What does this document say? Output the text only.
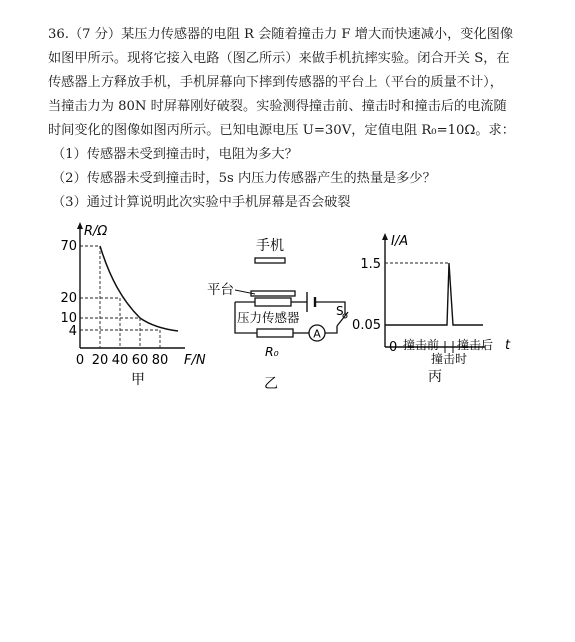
36.（7 分）某压力传感器的电阻 R 会随着撞击力 F 增大而快速减小，变化图像

如图甲所示。现将它接入电路（图乙所示）来做手机抗摔实验。闭合开关 S，在

传感器上方释放手机，手机屏幕向下摔到传感器的平台上（平台的质量不计），

当撞击力为 80N 时屏幕刚好破裂。实验测得撞击前、撞击时和撞击后的电流随

时间变化的图像如图丙所示。已知电源电压 U=30V，定值电阻 R₀=10Ω。求：

（1）传感器未受到撞击时，电阻为多大？

（2）传感器未受到撞击时，5s 内压力传感器产生的热量是多少？

（3）通过计算说明此次实验中手机屏幕是否会破裂

R/Ω
70
20
10
4
0 20 40 60 80 F/N
甲
手机
平台
S
压力传感器
R₀
A
乙
I/A
1.5
0.05
0 撞击前 撞击后
撞击时
t
丙
